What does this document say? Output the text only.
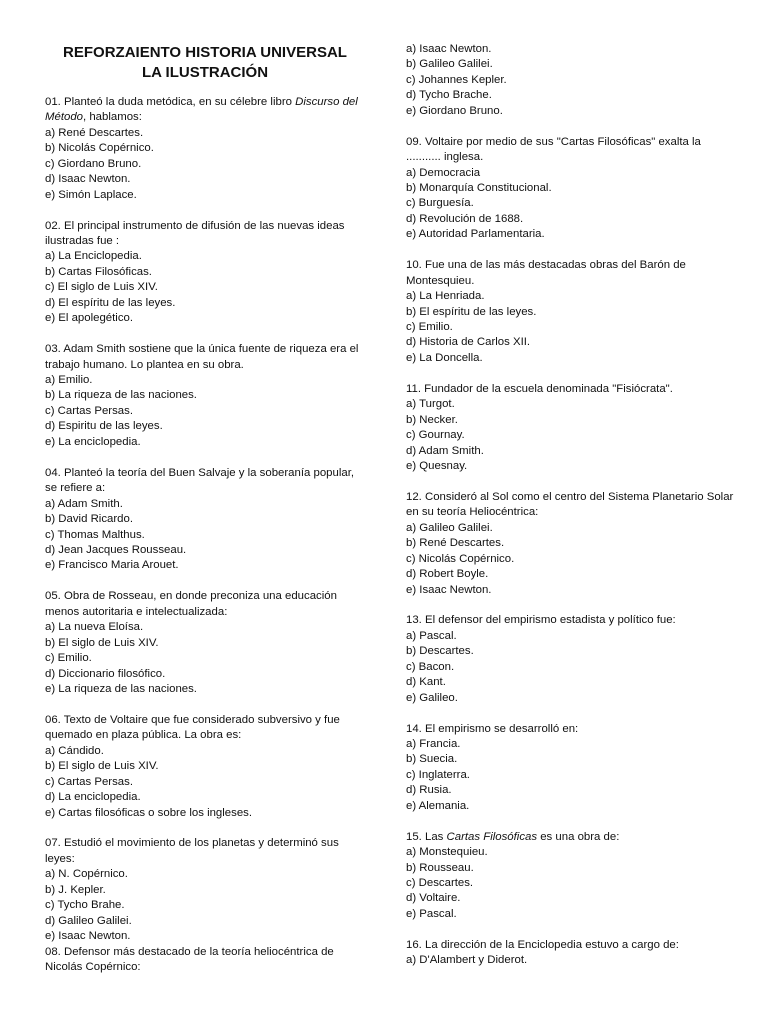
REFORZAIENTO HISTORIA UNIVERSAL

LA ILUSTRACIÓN

01. Planteó la duda metódica, en su célebre libro Discurso del Método, hablamos:

a) René Descartes.
b) Nicolás Copérnico.
c) Giordano Bruno.
d) Isaac Newton.
e) Simón Laplace.

02. El principal instrumento de difusión de las nuevas ideas ilustradas fue :

a) La Enciclopedia.
b) Cartas Filosóficas.
c) El siglo de Luis XIV.
d) El espíritu de las leyes.
e) El apolegético.

03. Adam Smith sostiene que la única fuente de riqueza era el trabajo humano. Lo plantea en su obra.

a) Emilio.
b) La riqueza de las naciones.
c) Cartas Persas.
d) Espiritu de las leyes.
e) La enciclopedia.

04. Planteó la teoría del Buen Salvaje y la soberanía popular, se refiere a:

a) Adam Smith.
b) David Ricardo.
c) Thomas Malthus.
d) Jean Jacques Rousseau.
e) Francisco Maria Arouet.

05. Obra de Rosseau, en donde preconiza una educación menos autoritaria e intelectualizada:

a) La nueva Eloísa.
b) El siglo de Luis XIV.
c) Emilio.
d) Diccionario filosófico.
e) La riqueza de las naciones.

06. Texto de Voltaire que fue considerado subversivo y fue quemado en plaza pública. La obra es:

a) Cándido.
b) El siglo de Luis XIV.
c) Cartas Persas.
d) La enciclopedia.
e) Cartas filosóficas o sobre los ingleses.

07. Estudió el movimiento de los planetas y determinó sus leyes:

a) N. Copérnico.
b) J. Kepler.
c) Tycho Brahe.
d) Galileo Galilei.
e) Isaac Newton.

08. Defensor más destacado de la teoría heliocéntrica de Nicolás Copérnico:

a) Isaac Newton.
b) Galileo Galilei.
c) Johannes Kepler.
d) Tycho Brache.
e) Giordano Bruno.

09. Voltaire por medio de sus "Cartas Filosóficas" exalta la ........... inglesa.

a) Democracia
b) Monarquía Constitucional.
c) Burguesía.
d) Revolución de 1688.
e) Autoridad Parlamentaria.

10. Fue una de las más destacadas obras del Barón de Montesquieu.

a) La Henriada.
b) El espíritu de las leyes.
c) Emilio.
d) Historia de Carlos XII.
e) La Doncella.

11. Fundador de la escuela denominada "Fisiócrata".

a) Turgot.
b) Necker.
c) Gournay.
d) Adam Smith.
e) Quesnay.

12. Consideró al Sol como el centro del Sistema Planetario Solar en su teoría Heliocéntrica:

a) Galileo Galilei.
b) René Descartes.
c) Nicolás Copérnico.
d) Robert Boyle.
e) Isaac Newton.

13. El defensor del empirismo estadista y político fue:

a) Pascal.
b) Descartes.
c) Bacon.
d) Kant.
e) Galileo.

14. El empirismo se desarrolló en:

a) Francia.
b) Suecia.
c) Inglaterra.
d) Rusia.
e) Alemania.

15. Las Cartas Filosóficas es una obra de:

a) Monstequieu.
b) Rousseau.
c) Descartes.
d) Voltaire.
e) Pascal.

16. La dirección de la Enciclopedia estuvo a cargo de:

a) D'Alambert y Diderot.
